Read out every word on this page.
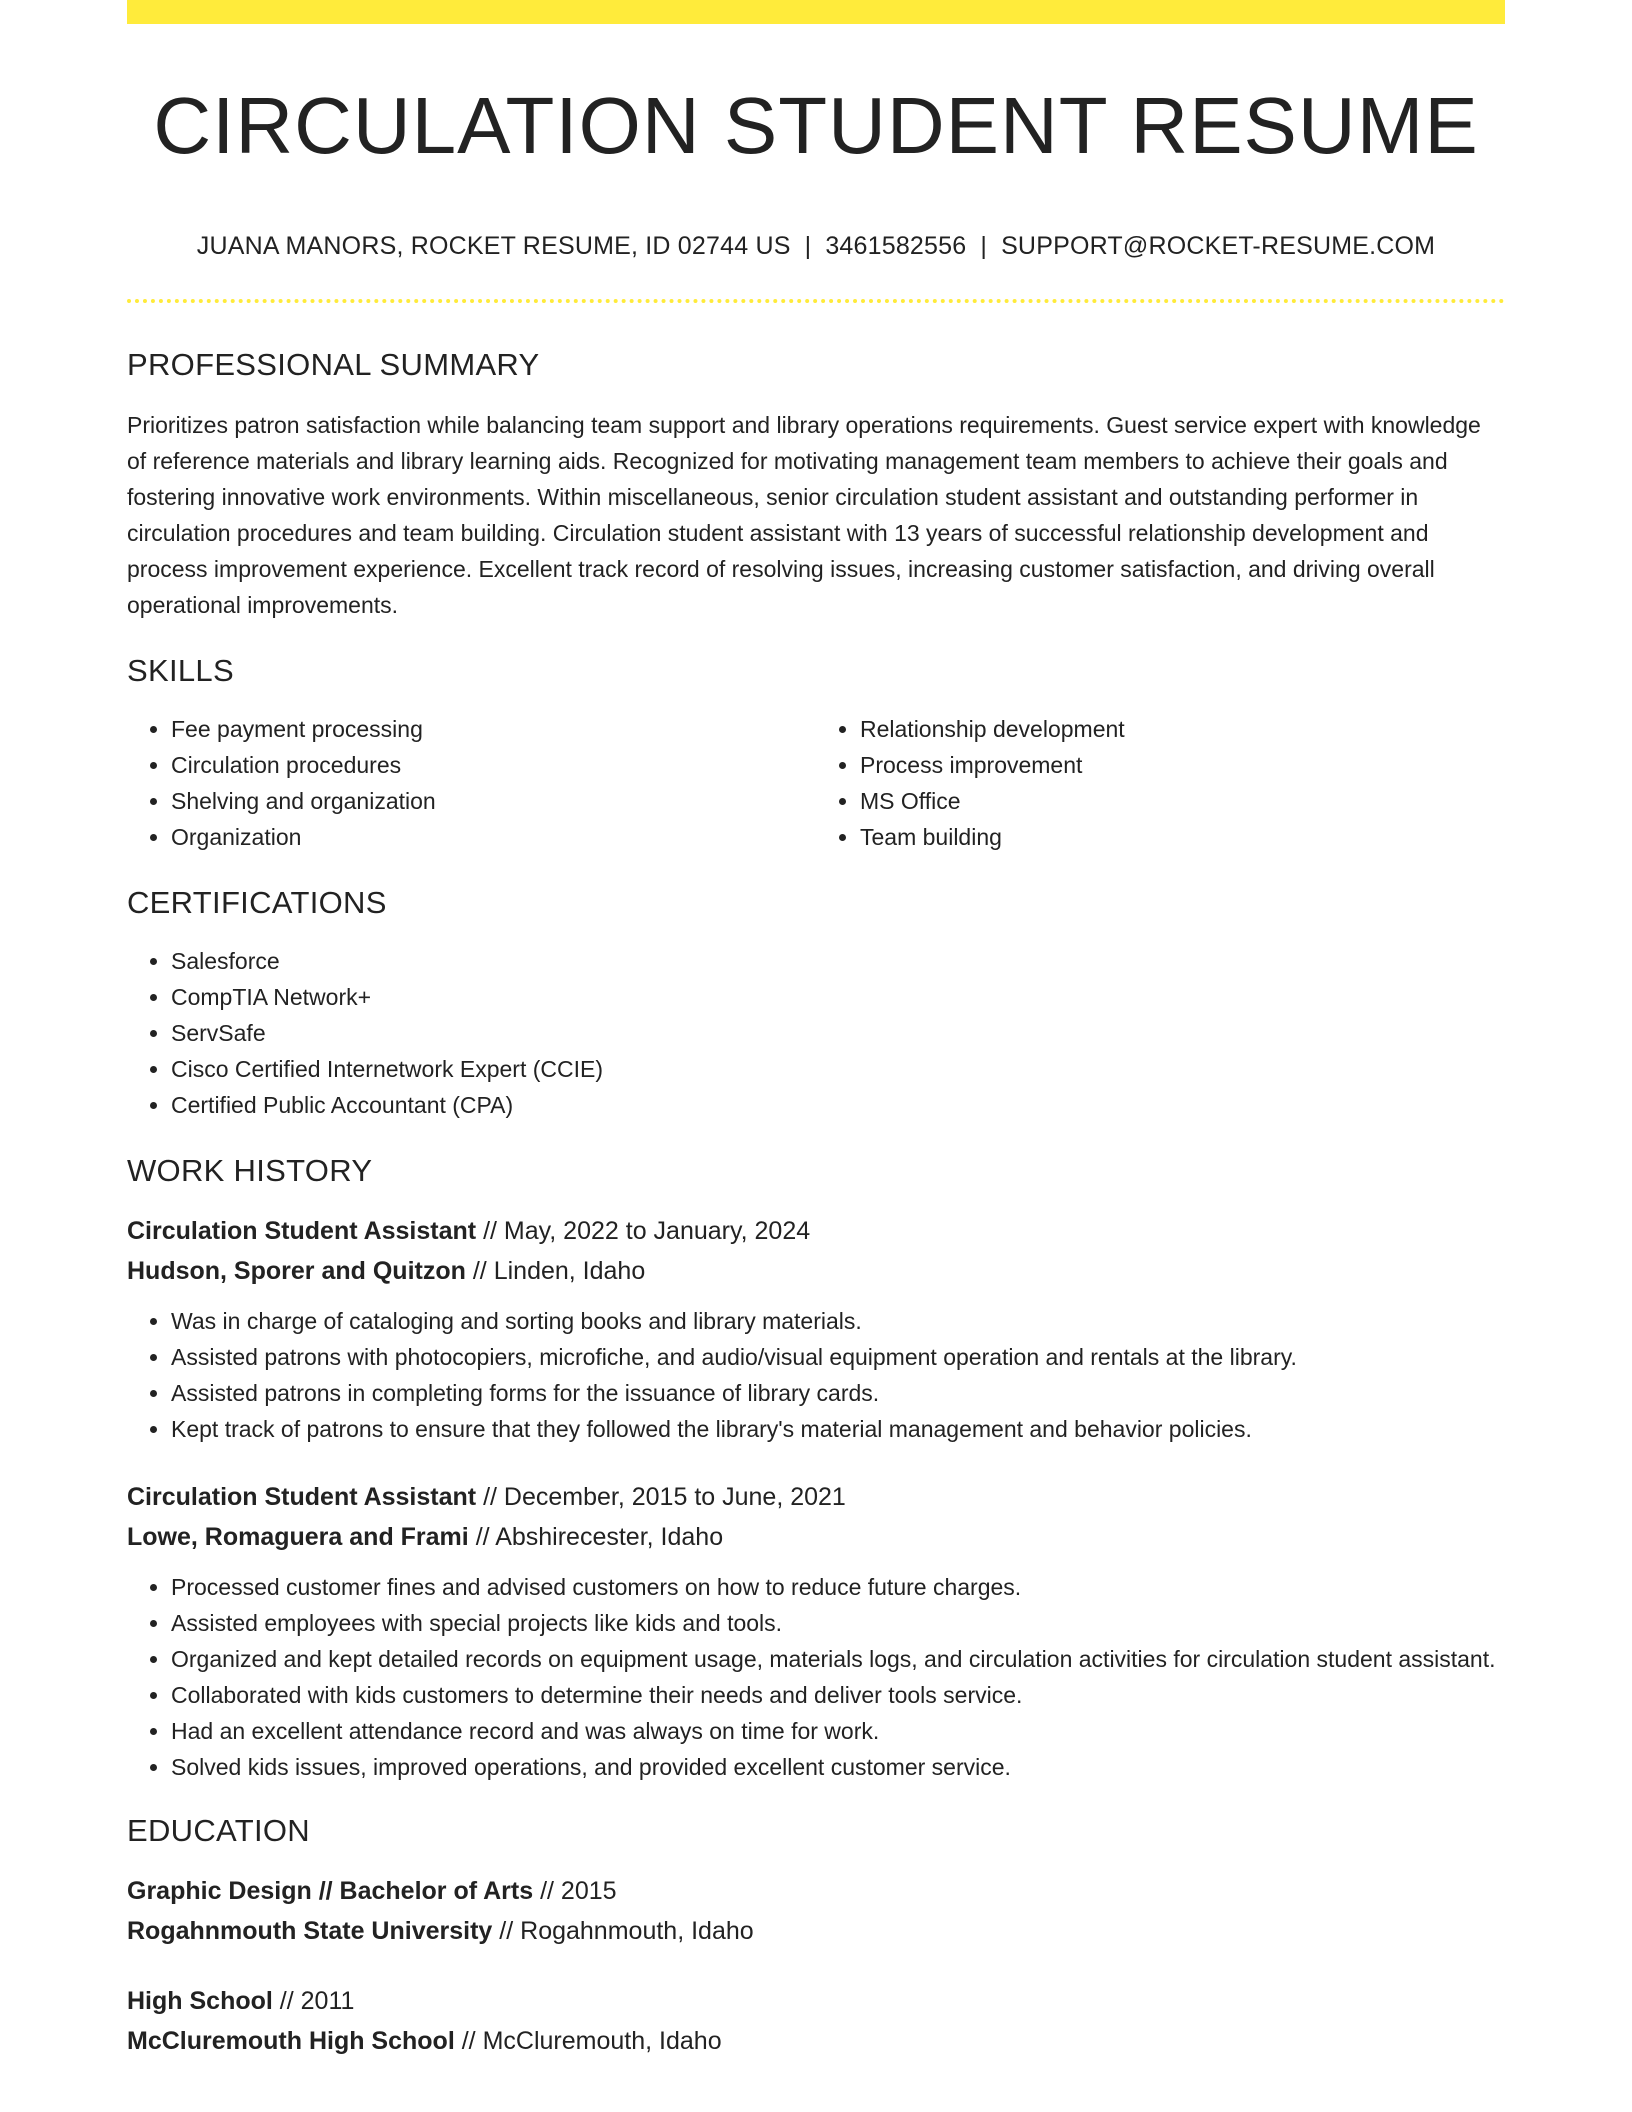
CIRCULATION STUDENT RESUME
JUANA MANORS, ROCKET RESUME, ID 02744 US | 3461582556 | SUPPORT@ROCKET-RESUME.COM
PROFESSIONAL SUMMARY
Prioritizes patron satisfaction while balancing team support and library operations requirements. Guest service expert with knowledge of reference materials and library learning aids. Recognized for motivating management team members to achieve their goals and fostering innovative work environments. Within miscellaneous, senior circulation student assistant and outstanding performer in circulation procedures and team building. Circulation student assistant with 13 years of successful relationship development and process improvement experience. Excellent track record of resolving issues, increasing customer satisfaction, and driving overall operational improvements.
SKILLS
• Fee payment processing
• Circulation procedures
• Shelving and organization
• Organization
• Relationship development
• Process improvement
• MS Office
• Team building
CERTIFICATIONS
• Salesforce
• CompTIA Network+
• ServSafe
• Cisco Certified Internetwork Expert (CCIE)
• Certified Public Accountant (CPA)
WORK HISTORY
Circulation Student Assistant // May, 2022 to January, 2024
Hudson, Sporer and Quitzon // Linden, Idaho
• Was in charge of cataloging and sorting books and library materials.
• Assisted patrons with photocopiers, microfiche, and audio/visual equipment operation and rentals at the library.
• Assisted patrons in completing forms for the issuance of library cards.
• Kept track of patrons to ensure that they followed the library's material management and behavior policies.
Circulation Student Assistant // December, 2015 to June, 2021
Lowe, Romaguera and Frami // Abshirecester, Idaho
• Processed customer fines and advised customers on how to reduce future charges.
• Assisted employees with special projects like kids and tools.
• Organized and kept detailed records on equipment usage, materials logs, and circulation activities for circulation student assistant.
• Collaborated with kids customers to determine their needs and deliver tools service.
• Had an excellent attendance record and was always on time for work.
• Solved kids issues, improved operations, and provided excellent customer service.
EDUCATION
Graphic Design // Bachelor of Arts // 2015
Rogahnmouth State University // Rogahnmouth, Idaho
High School // 2011
McCluremouth High School // McCluremouth, Idaho
